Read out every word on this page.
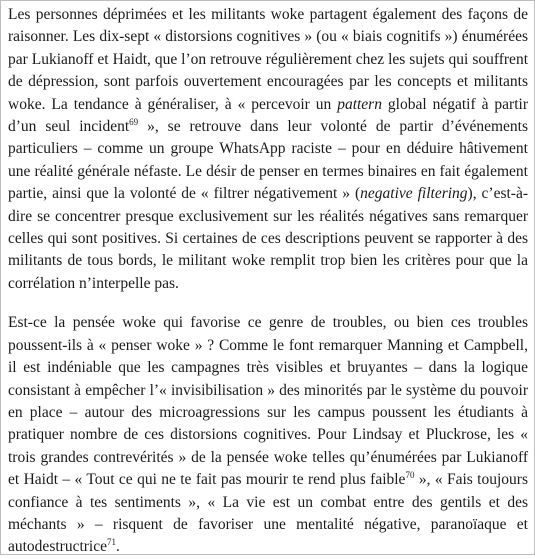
Les personnes déprimées et les militants woke partagent également des façons de raisonner. Les dix-sept « distorsions cognitives » (ou « biais cognitifs ») énumérées par Lukianoff et Haidt, que l’on retrouve régulièrement chez les sujets qui souffrent de dépression, sont parfois ouvertement encouragées par les concepts et militants woke. La tendance à généraliser, à « percevoir un pattern global négatif à partir d’un seul incident$^{69}$ », se retrouve dans leur volonté de partir d’événements particuliers – comme un groupe WhatsApp raciste – pour en déduire hâtivement une réalité générale néfaste. Le désir de penser en termes binaires en fait également partie, ainsi que la volonté de « filtrer négativement » (negative filtering), c’est-à-dire se concentrer presque exclusivement sur les réalités négatives sans remarquer celles qui sont positives. Si certaines de ces descriptions peuvent se rapporter à des militants de tous bords, le militant woke remplit trop bien les critères pour que la corrélation n’interpelle pas.

Est-ce la pensée woke qui favorise ce genre de troubles, ou bien ces troubles poussent-ils à « penser woke » ? Comme le font remarquer Manning et Campbell, il est indéniable que les campagnes très visibles et bruyantes – dans la logique consistant à empêcher l’« invisibilisation » des minorités par le système du pouvoir en place – autour des microagressions sur les campus poussent les étudiants à pratiquer nombre de ces distorsions cognitives. Pour Lindsay et Pluckrose, les « trois grandes contrevérités » de la pensée woke telles qu’énumérées par Lukianoff et Haidt – « Tout ce qui ne te fait pas mourir te rend plus faible$^{70}$ », « Fais toujours confiance à tes sentiments », « La vie est un combat entre des gentils et des méchants » – risquent de favoriser une mentalité négative, paranoïaque et autodestructrice$^{71}$.
